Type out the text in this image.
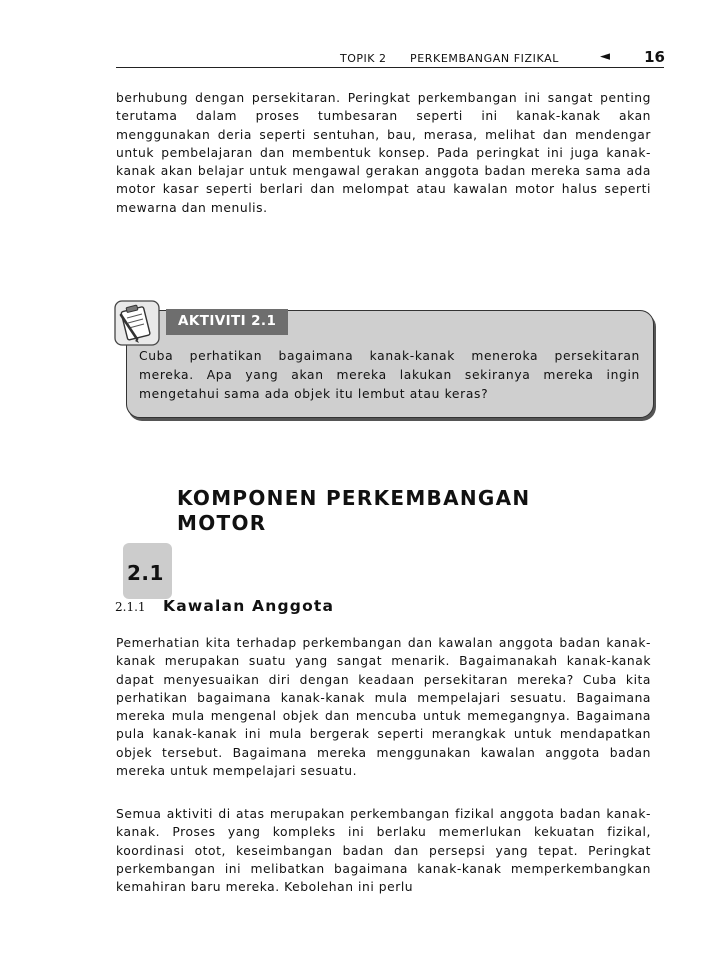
TOPIK 2 PERKEMBANGAN FIZIKAL	◄ 16

berhubung dengan persekitaran. Peringkat perkembangan ini sangat penting terutama dalam proses tumbesaran seperti ini kanak-kanak akan menggunakan deria seperti sentuhan, bau, merasa, melihat dan mendengar untuk pembelajaran dan membentuk konsep. Pada peringkat ini juga kanak-kanak akan belajar untuk mengawal gerakan anggota badan mereka sama ada motor kasar seperti berlari dan melompat atau kawalan motor halus seperti mewarna dan menulis.

AKTIVITI 2.1

Cuba perhatikan bagaimana kanak-kanak meneroka persekitaran mereka. Apa yang akan mereka lakukan sekiranya mereka ingin mengetahui sama ada objek itu lembut atau keras?

KOMPONEN PERKEMBANGAN MOTOR
2.1
2.1.1 Kawalan Anggota

Pemerhatian kita terhadap perkembangan dan kawalan anggota badan kanak-kanak merupakan suatu yang sangat menarik. Bagaimanakah kanak-kanak dapat menyesuaikan diri dengan keadaan persekitaran mereka? Cuba kita perhatikan bagaimana kanak-kanak mula mempelajari sesuatu. Bagaimana mereka mula mengenal objek dan mencuba untuk memegangnya. Bagaimana pula kanak-kanak ini mula bergerak seperti merangkak untuk mendapatkan objek tersebut. Bagaimana mereka menggunakan kawalan anggota badan mereka untuk mempelajari sesuatu.

Semua aktiviti di atas merupakan perkembangan fizikal anggota badan kanak-kanak. Proses yang kompleks ini berlaku memerlukan kekuatan fizikal, koordinasi otot, keseimbangan badan dan persepsi yang tepat. Peringkat perkembangan ini melibatkan bagaimana kanak-kanak memperkembangkan kemahiran baru mereka. Kebolehan ini perlu
